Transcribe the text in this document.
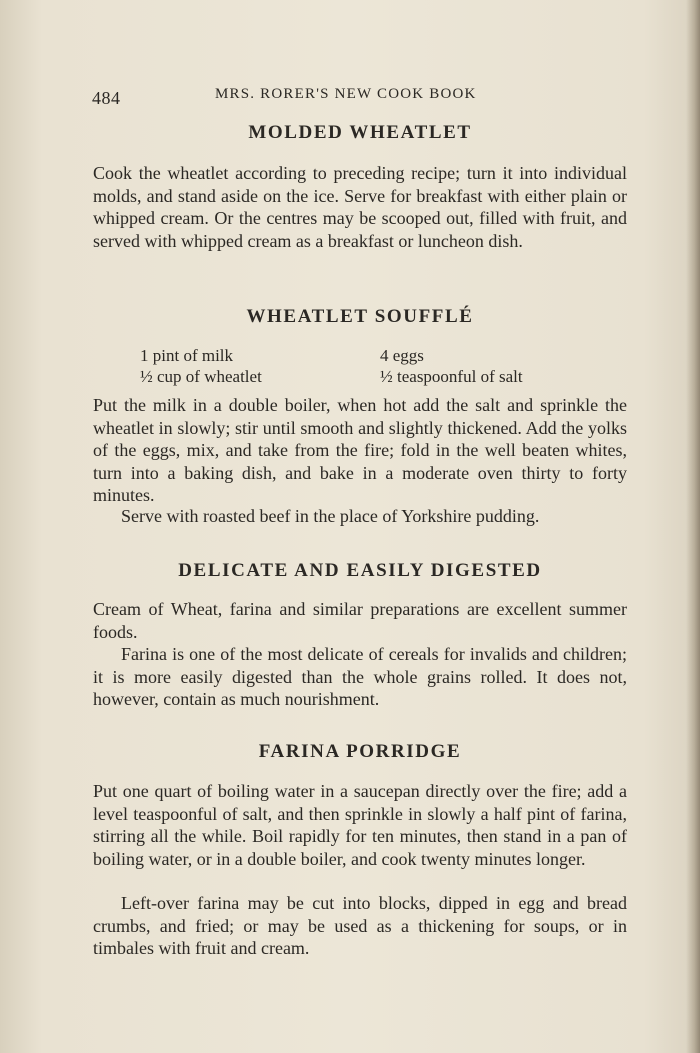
484	MRS. RORER'S NEW COOK BOOK
MOLDED WHEATLET

Cook the wheatlet according to preceding recipe; turn it into individual molds, and stand aside on the ice. Serve for breakfast with either plain or whipped cream. Or the centres may be scooped out, filled with fruit, and served with whipped cream as a breakfast or luncheon dish.

WHEATLET SOUFFLÉ
1 pint of milk
½ cup of wheatlet
4 eggs
½ teaspoonful of salt

Put the milk in a double boiler, when hot add the salt and sprinkle the wheatlet in slowly; stir until smooth and slightly thickened. Add the yolks of the eggs, mix, and take from the fire; fold in the well beaten whites, turn into a baking dish, and bake in a moderate oven thirty to forty minutes.

Serve with roasted beef in the place of Yorkshire pudding.

DELICATE AND EASILY DIGESTED

Cream of Wheat, farina and similar preparations are excellent summer foods.

Farina is one of the most delicate of cereals for invalids and children; it is more easily digested than the whole grains rolled. It does not, however, contain as much nourishment.

FARINA PORRIDGE

Put one quart of boiling water in a saucepan directly over the fire; add a level teaspoonful of salt, and then sprinkle in slowly a half pint of farina, stirring all the while. Boil rapidly for ten minutes, then stand in a pan of boiling water, or in a double boiler, and cook twenty minutes longer.

Left-over farina may be cut into blocks, dipped in egg and bread crumbs, and fried; or may be used as a thickening for soups, or in timbales with fruit and cream.
